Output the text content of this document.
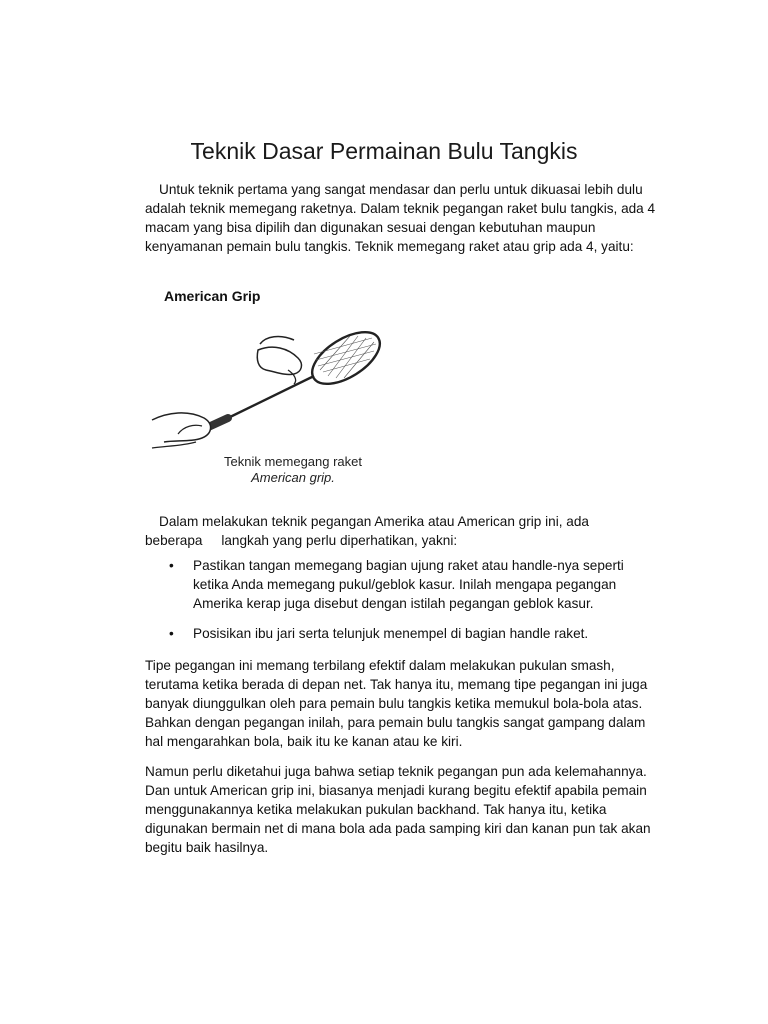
Teknik Dasar Permainan Bulu Tangkis

Untuk teknik pertama yang sangat mendasar dan perlu untuk dikuasai lebih dulu adalah teknik memegang raketnya. Dalam teknik pegangan raket bulu tangkis, ada 4 macam yang bisa dipilih dan digunakan sesuai dengan kebutuhan maupun kenyamanan pemain bulu tangkis. Teknik memegang raket atau grip ada 4, yaitu:

American Grip

Teknik memegang raket
American grip.

Dalam melakukan teknik pegangan Amerika atau American grip ini, ada

beberapa     langkah yang perlu diperhatikan, yakni:

• Pastikan tangan memegang bagian ujung raket atau handle-nya seperti
ketika Anda memegang pukul/geblok kasur. Inilah mengapa pegangan
Amerika kerap juga disebut dengan istilah pegangan geblok kasur.
• Posisikan ibu jari serta telunjuk menempel di bagian handle raket.

Tipe pegangan ini memang terbilang efektif dalam melakukan pukulan smash, terutama ketika berada di depan net. Tak hanya itu, memang tipe pegangan ini juga banyak diunggulkan oleh para pemain bulu tangkis ketika memukul bola-bola atas. Bahkan dengan pegangan inilah, para pemain bulu tangkis sangat gampang dalam hal mengarahkan bola, baik itu ke kanan atau ke kiri.

Namun perlu diketahui juga bahwa setiap teknik pegangan pun ada kelemahannya. Dan untuk American grip ini, biasanya menjadi kurang begitu efektif apabila pemain menggunakannya ketika melakukan pukulan backhand. Tak hanya itu, ketika digunakan bermain net di mana bola ada pada samping kiri dan kanan pun tak akan begitu baik hasilnya.
